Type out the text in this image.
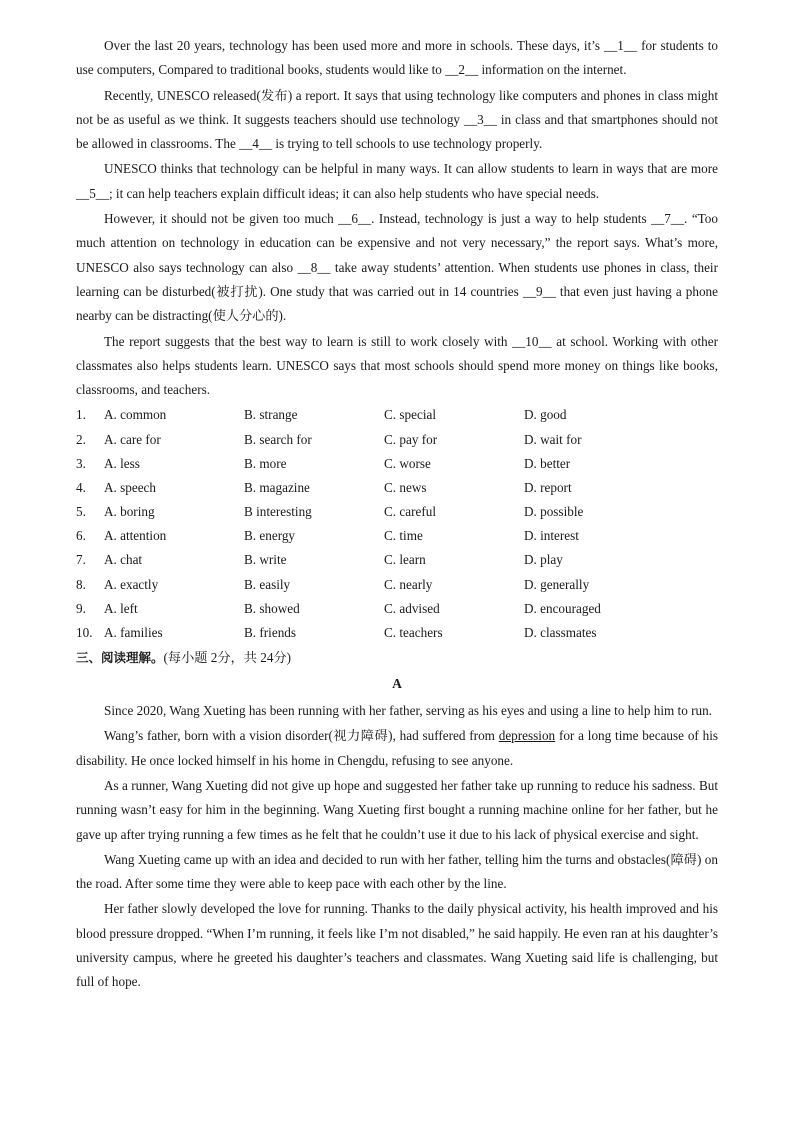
Over the last 20 years, technology has been used more and more in schools. These days, it’s __1__ for students to use computers, Compared to traditional books, students would like to __2__ information on the internet.

Recently, UNESCO released(发布) a report. It says that using technology like computers and phones in class might not be as useful as we think. It suggests teachers should use technology __3__ in class and that smartphones should not be allowed in classrooms. The __4__ is trying to tell schools to use technology properly.

UNESCO thinks that technology can be helpful in many ways. It can allow students to learn in ways that are more __5__; it can help teachers explain difficult ideas; it can also help students who have special needs.

However, it should not be given too much __6__. Instead, technology is just a way to help students __7__. “Too much attention on technology in education can be expensive and not very necessary,” the report says. What’s more, UNESCO also says technology can also __8__ take away students’ attention. When students use phones in class, their learning can be disturbed(被打扰). One study that was carried out in 14 countries __9__ that even just having a phone nearby can be distracting(使人分心的).

The report suggests that the best way to learn is still to work closely with __10__ at school. Working with other classmates also helps students learn. UNESCO says that most schools should spend more money on things like books, classrooms, and teachers.

1.	A. common	B. strange	C. special	D. good
2.	A. care for	B. search for	C. pay for	D. wait for
3.	A. less	B. more	C. worse	D. better
4.	A. speech	B. magazine	C. news	D. report
5.	A. boring	B interesting	C. careful	D. possible
6.	A. attention	B. energy	C. time	D. interest
7.	A. chat	B. write	C. learn	D. play
8.	A. exactly	B. easily	C. nearly	D. generally
9.	A. left	B. showed	C. advised	D. encouraged
10. A. families	B. friends	C. teachers	D. classmates
三、阅读理解。(每小题 2分，共 24分)
A

Since 2020, Wang Xueting has been running with her father, serving as his eyes and using a line to help him to run.

Wang’s father, born with a vision disorder(视力障碍), had suffered from depression for a long time because of his disability. He once locked himself in his home in Chengdu, refusing to see anyone.

As a runner, Wang Xueting did not give up hope and suggested her father take up running to reduce his sadness. But running wasn’t easy for him in the beginning. Wang Xueting first bought a running machine online for her father, but he gave up after trying running a few times as he felt that he couldn’t use it due to his lack of physical exercise and sight.

Wang Xueting came up with an idea and decided to run with her father, telling him the turns and obstacles(障碍) on the road. After some time they were able to keep pace with each other by the line.

Her father slowly developed the love for running. Thanks to the daily physical activity, his health improved and his blood pressure dropped. “When I’m running, it feels like I’m not disabled,” he said happily. He even ran at his daughter’s university campus, where he greeted his daughter’s teachers and classmates. Wang Xueting said life is challenging, but full of hope.
